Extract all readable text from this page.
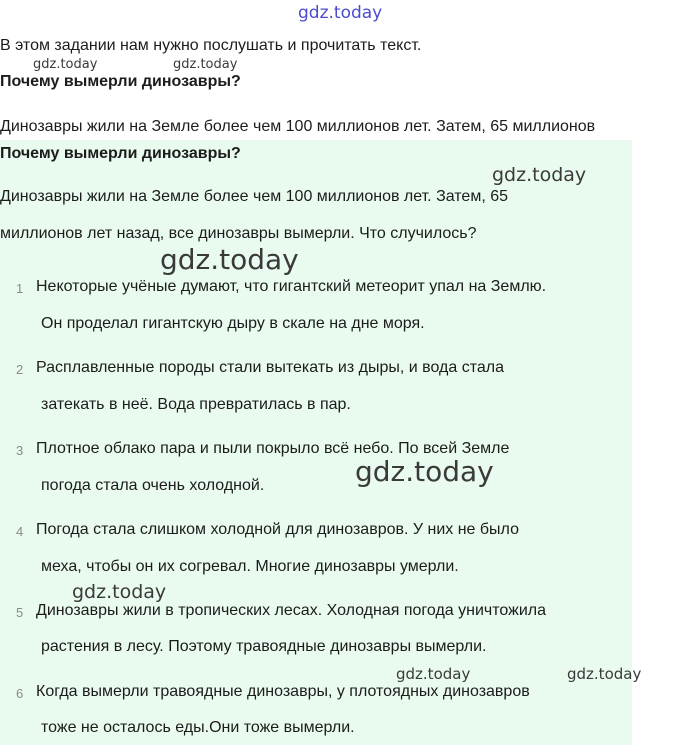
gdz.today
gdz.today	gdz.today
В этом задании нам нужно послушать и прочитать текст.
Почему вымерли динозавры?
Динозавры жили на Земле более чем 100 миллионов лет. Затем, 65 миллионов
Почему вымерли динозавры?
Динозавры жили на Земле более чем 100 миллионов лет. Затем, 65
миллионов лет назад, все динозавры вымерли. Что случилось?
1 Некоторые учёные думают, что гигантский метеорит упал на Землю.
Он проделал гигантскую дыру в скале на дне моря.
2 Расплавленные породы стали вытекать из дыры, и вода стала
затекать в неё. Вода превратилась в пар.
3 Плотное облако пара и пыли покрыло всё небо. По всей Земле
погода стала очень холодной.
4 Погода стала слишком холодной для динозавров. У них не было
меха, чтобы он их согревал. Многие динозавры умерли.
5 Динозавры жили в тропических лесах. Холодная погода уничтожила
растения в лесу. Поэтому травоядные динозавры вымерли.
6 Когда вымерли травоядные динозавры, у плотоядных динозавров
тоже не осталось еды.Они тоже вымерли.
gdz.today
gdz.today
gdz.today
gdz.today
gdz.today	gdz.today
